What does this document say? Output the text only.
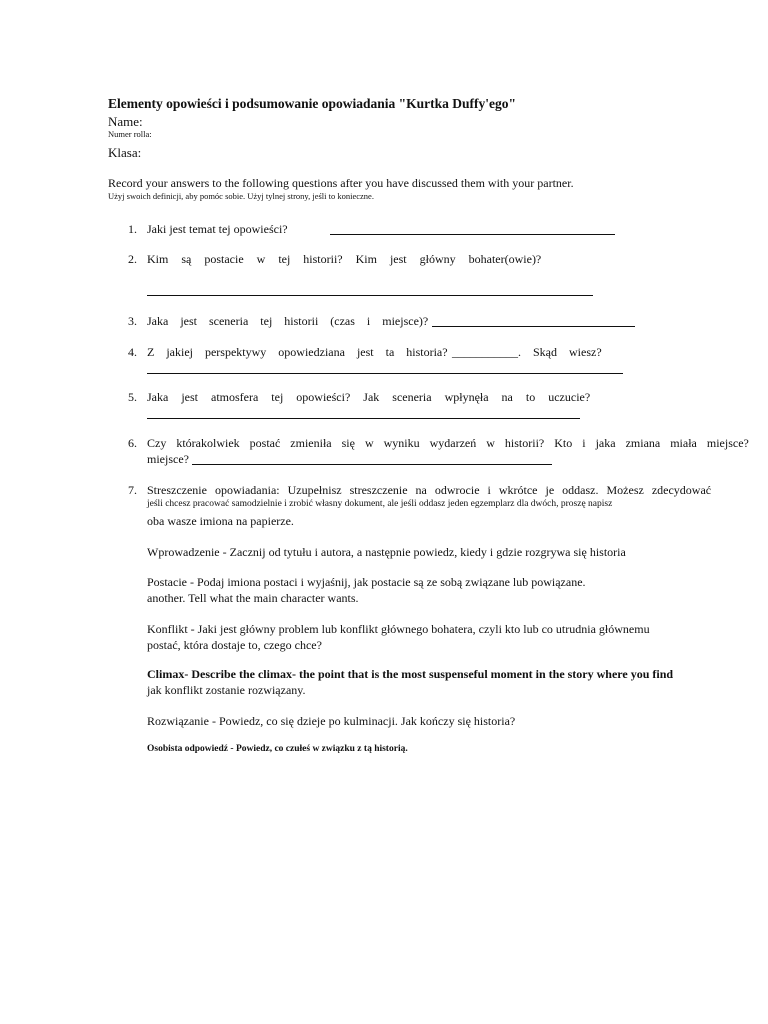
Elementy opowieści i podsumowanie opowiadania "Kurtka Duffy'ego"
Name:
Numer rolla:
Klasa:
Record your answers to the following questions after you have discussed them with your partner.
Użyj swoich definicji, aby pomóc sobie. Użyj tylnej strony, jeśli to konieczne.
1. Jaki jest temat tej opowieści?
2. Kim są postacie w tej historii? Kim jest główny bohater(owie)?
3. Jaka jest sceneria tej historii (czas i miejsce)?
4. Z jakiej perspektywy opowiedziana jest ta historia? ___________. Skąd wiesz?
5. Jaka jest atmosfera tej opowieści? Jak sceneria wpłynęła na to uczucie?
6. Czy którakolwiek postać zmieniła się w wyniku wydarzeń w historii? Kto i jaka zmiana miała miejsce?
miejsce?
7. Streszczenie opowiadania: Uzupełnisz streszczenie na odwrocie i wkrótce je oddasz. Możesz zdecydować
jeśli chcesz pracować samodzielnie i zrobić własny dokument, ale jeśli oddasz jeden egzemplarz dla dwóch, proszę napisz
oba wasze imiona na papierze.
Wprowadzenie - Zacznij od tytułu i autora, a następnie powiedz, kiedy i gdzie rozgrywa się historia
Postacie - Podaj imiona postaci i wyjaśnij, jak postacie są ze sobą związane lub powiązane.
another. Tell what the main character wants.
Konflikt - Jaki jest główny problem lub konflikt głównego bohatera, czyli kto lub co utrudnia głównemu
postać, która dostaje to, czego chce?
Climax- Describe the climax- the point that is the most suspenseful moment in the story where you find
jak konflikt zostanie rozwiązany.
Rozwiązanie - Powiedz, co się dzieje po kulminacji. Jak kończy się historia?
Osobista odpowiedź - Powiedz, co czułeś w związku z tą historią.
